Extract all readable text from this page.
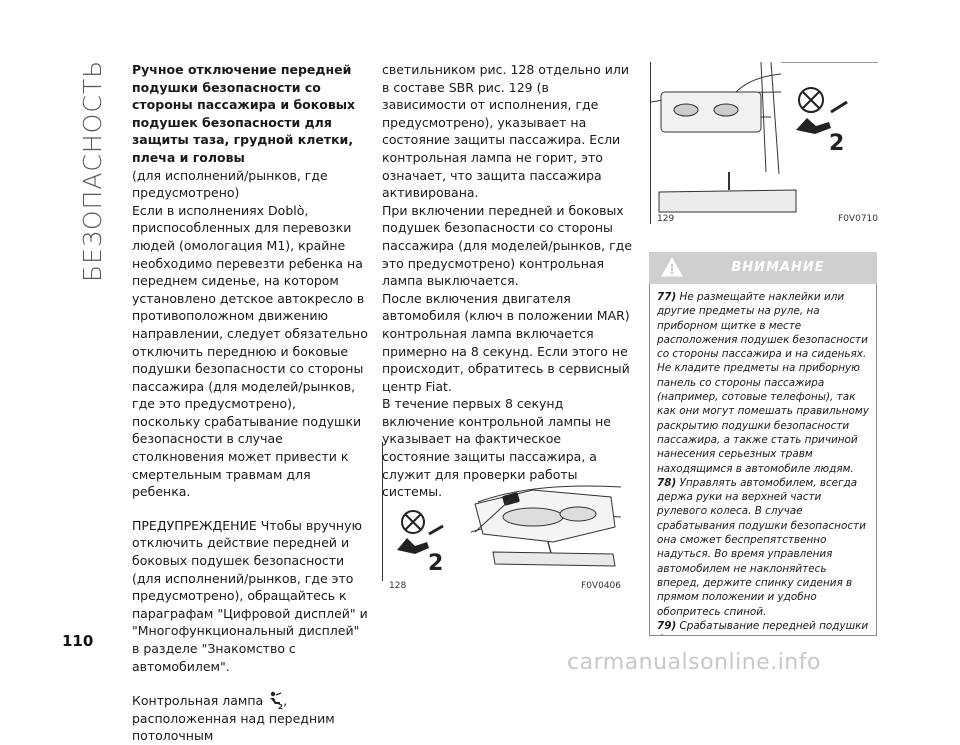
БЕЗОПАСНОСТЬ Ручное отключение передней подушки безопасности со стороны пассажира и боковых подушек безопасности для защиты таза, грудной клетки, плеча и головы

(для исполнений/рынков, где предусмотрено)

Если в исполнениях Doblò, приспособленных для перевозки людей (омологация M1), крайне необходимо перевезти ребенка на переднем сиденье, на котором установлено детское автокресло в противоположном движению направлении, следует обязательно отключить переднюю и боковые подушки безопасности со стороны пассажира (для моделей/рынков, где это предусмотрено), поскольку срабатывание подушки безопасности в случае столкновения может привести к смертельным травмам для ребенка.

ПРЕДУПРЕЖДЕНИЕ Чтобы вручную отключить действие передней и боковых подушек безопасности (для исполнений/рынков, где это предусмотрено), обращайтесь к параграфам "Цифровой дисплей" и "Многофункциональный дисплей" в разделе "Знакомство с автомобилем".

Контрольная лампа 2 , расположенная над передним потолочным

светильником рис. 128 отдельно или в составе SBR рис. 129 (в зависимости от исполнения, где предусмотрено), указывает на состояние защиты пассажира. Если контрольная лампа не горит, это означает, что защита пассажира активирована.

При включении передней и боковых подушек безопасности со стороны пассажира (для моделей/рынков, где это предусмотрено) контрольная лампа выключается.

После включения двигателя автомобиля (ключ в положении MAR) контрольная лампа включается примерно на 8 секунд. Если этого не происходит, обратитесь в сервисный центр Fiat.

В течение первых 8 секунд включение контрольной лампы не указывает на фактическое состояние защиты пассажира, а служит для проверки работы системы.

2
128	F0V0406
2
129	F0V0710
ВНИМАНИЕ

77) Не размещайте наклейки или другие предметы на руле, на приборном щитке в месте расположения подушек безопасности со стороны пассажира и на сиденьях.

Не кладите предметы на приборную панель со стороны пассажира (например, сотовые телефоны), так как они могут помешать правильному раскрытию подушки безопасности пассажира, а также стать причиной нанесения серьезных травм находящимся в автомобиле людям.

78) Управлять автомобилем, всегда держа руки на верхней части рулевого колеса. В случае срабатывания подушки безопасности она сможет беспрепятственно надуться. Во время управления автомобилем не наклоняйтесь вперед, держите спинку сидения в прямом положении и удобно обопритесь спиной.

79) Срабатывание передней подушки

110
carmanualsonline.info
